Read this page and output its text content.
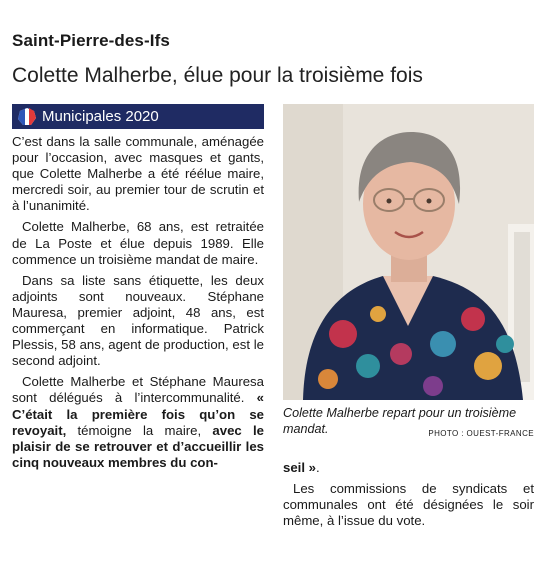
Saint-Pierre-des-Ifs
Colette Malherbe, élue pour la troisième fois
Municipales 2020

C’est dans la salle communale, aménagée pour l’occasion, avec masques et gants, que Colette Malherbe a été réélue maire, mercredi soir, au premier tour de scrutin et à l’unanimité.

Colette Malherbe, 68 ans, est retraitée de La Poste et élue depuis 1989. Elle commence un troisième mandat de maire.

Dans sa liste sans étiquette, les deux adjoints sont nouveaux. Stéphane Mauresa, premier adjoint, 48 ans, est commerçant en informatique. Patrick Plessis, 58 ans, agent de production, est le second adjoint.

Colette Malherbe et Stéphane Mauresa sont délégués à l’intercommunalité. « C’était la première fois qu’on se revoyait, témoigne la maire, avec le plaisir de se retrouver et d’accueillir les cinq nouveaux membres du con-

Colette Malherbe repart pour un troisième mandat.	PHOTO : OUEST-FRANCE

seil ».

Les commissions de syndicats et communales ont été désignées le soir même, à l’issue du vote.
